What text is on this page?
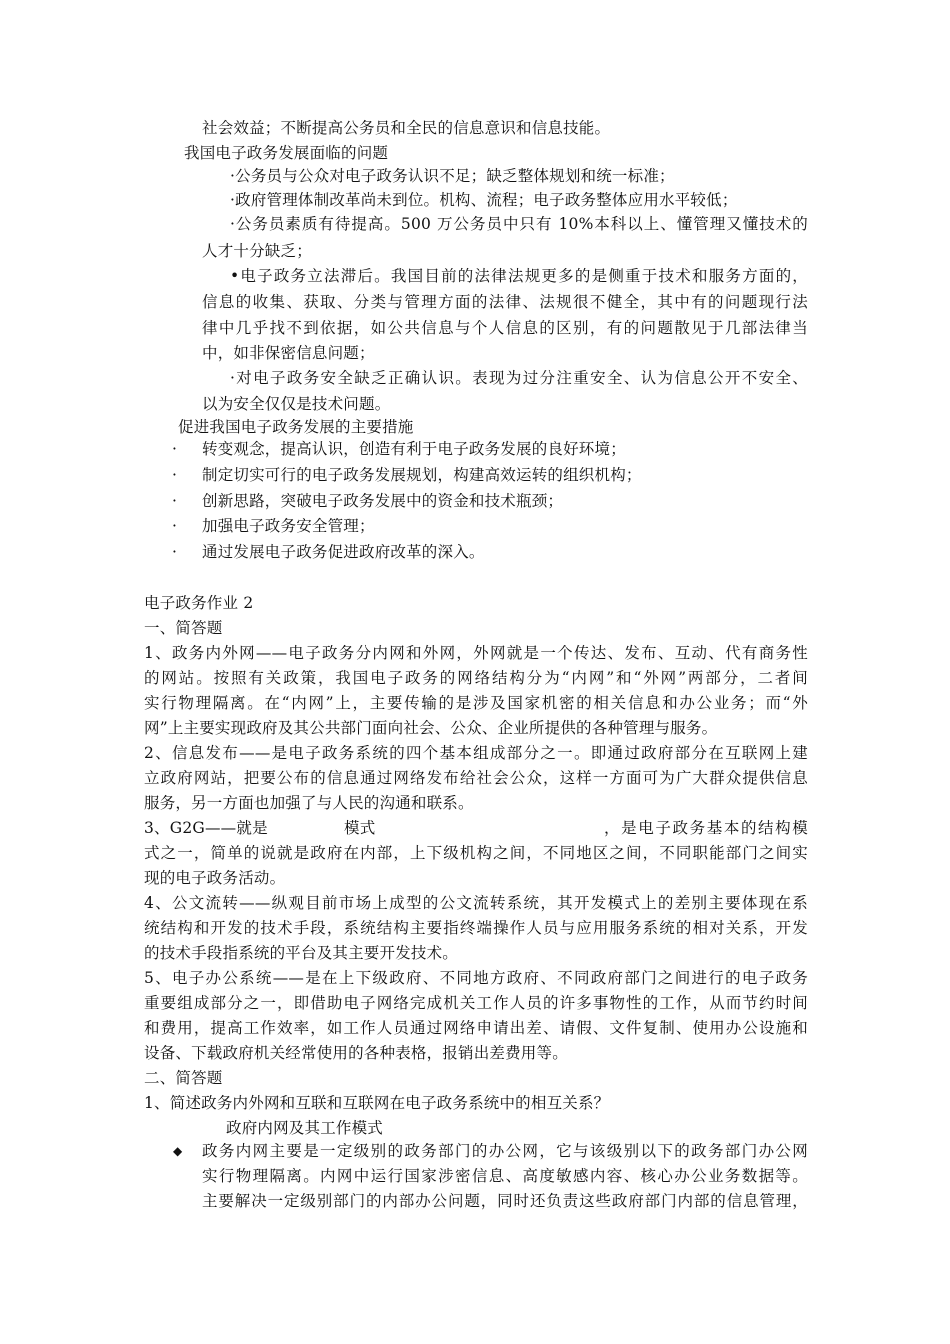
社会效益；不断提高公务员和全民的信息意识和信息技能。
我国电子政务发展面临的问题
·公务员与公众对电子政务认识不足；缺乏整体规划和统一标准；
·政府管理体制改革尚未到位。机构、流程；电子政务整体应用水平较低；
·公务员素质有待提高。500 万公务员中只有 10%本科以上、懂管理又懂技术的
人才十分缺乏；
•电子政务立法滞后。我国目前的法律法规更多的是侧重于技术和服务方面的，
信息的收集、获取、分类与管理方面的法律、法规很不健全，其中有的问题现行法
律中几乎找不到依据，如公共信息与个人信息的区别，有的问题散见于几部法律当
中，如非保密信息问题；
·对电子政务安全缺乏正确认识。表现为过分注重安全、认为信息公开不安全、
以为安全仅仅是技术问题。
促进我国电子政务发展的主要措施
· 转变观念，提高认识，创造有利于电子政务发展的良好环境；
· 制定切实可行的电子政务发展规划，构建高效运转的组织机构；
· 创新思路，突破电子政务发展中的资金和技术瓶颈；
· 加强电子政务安全管理；
· 通过发展电子政务促进政府改革的深入。
电子政务作业 2
一、简答题
1、政务内外网——电子政务分内网和外网，外网就是一个传达、发布、互动、代有商务性
的网站。按照有关政策，我国电子政务的网络结构分为“内网”和“外网”两部分，二者间
实行物理隔离。在“内网”上，主要传输的是涉及国家机密的相关信息和办公业务；而“外
网”上主要实现政府及其公共部门面向社会、公众、企业所提供的各种管理与服务。
2、信息发布——是电子政务系统的四个基本组成部分之一。即通过政府部分在互联网上建
立政府网站，把要公布的信息通过网络发布给社会公众，这样一方面可为广大群众提供信息
服务，另一方面也加强了与人民的沟通和联系。
3、G2G——就是	模式	，是电子政务基本的结构模
式之一，简单的说就是政府在内部，上下级机构之间，不同地区之间，不同职能部门之间实
现的电子政务活动。
4、公文流转——纵观目前市场上成型的公文流转系统，其开发模式上的差别主要体现在系
统结构和开发的技术手段，系统结构主要指终端操作人员与应用服务系统的相对关系，开发
的技术手段指系统的平台及其主要开发技术。
5、电子办公系统——是在上下级政府、不同地方政府、不同政府部门之间进行的电子政务
重要组成部分之一，即借助电子网络完成机关工作人员的许多事物性的工作，从而节约时间
和费用，提高工作效率，如工作人员通过网络申请出差、请假、文件复制、使用办公设施和
设备、下载政府机关经常使用的各种表格，报销出差费用等。
二、简答题
1、简述政务内外网和互联和互联网在电子政务系统中的相互关系？
政府内网及其工作模式
◆ 政务内网主要是一定级别的政务部门的办公网，它与该级别以下的政务部门办公网
实行物理隔离。内网中运行国家涉密信息、高度敏感内容、核心办公业务数据等。
主要解决一定级别部门的内部办公问题，同时还负责这些政府部门内部的信息管理，
